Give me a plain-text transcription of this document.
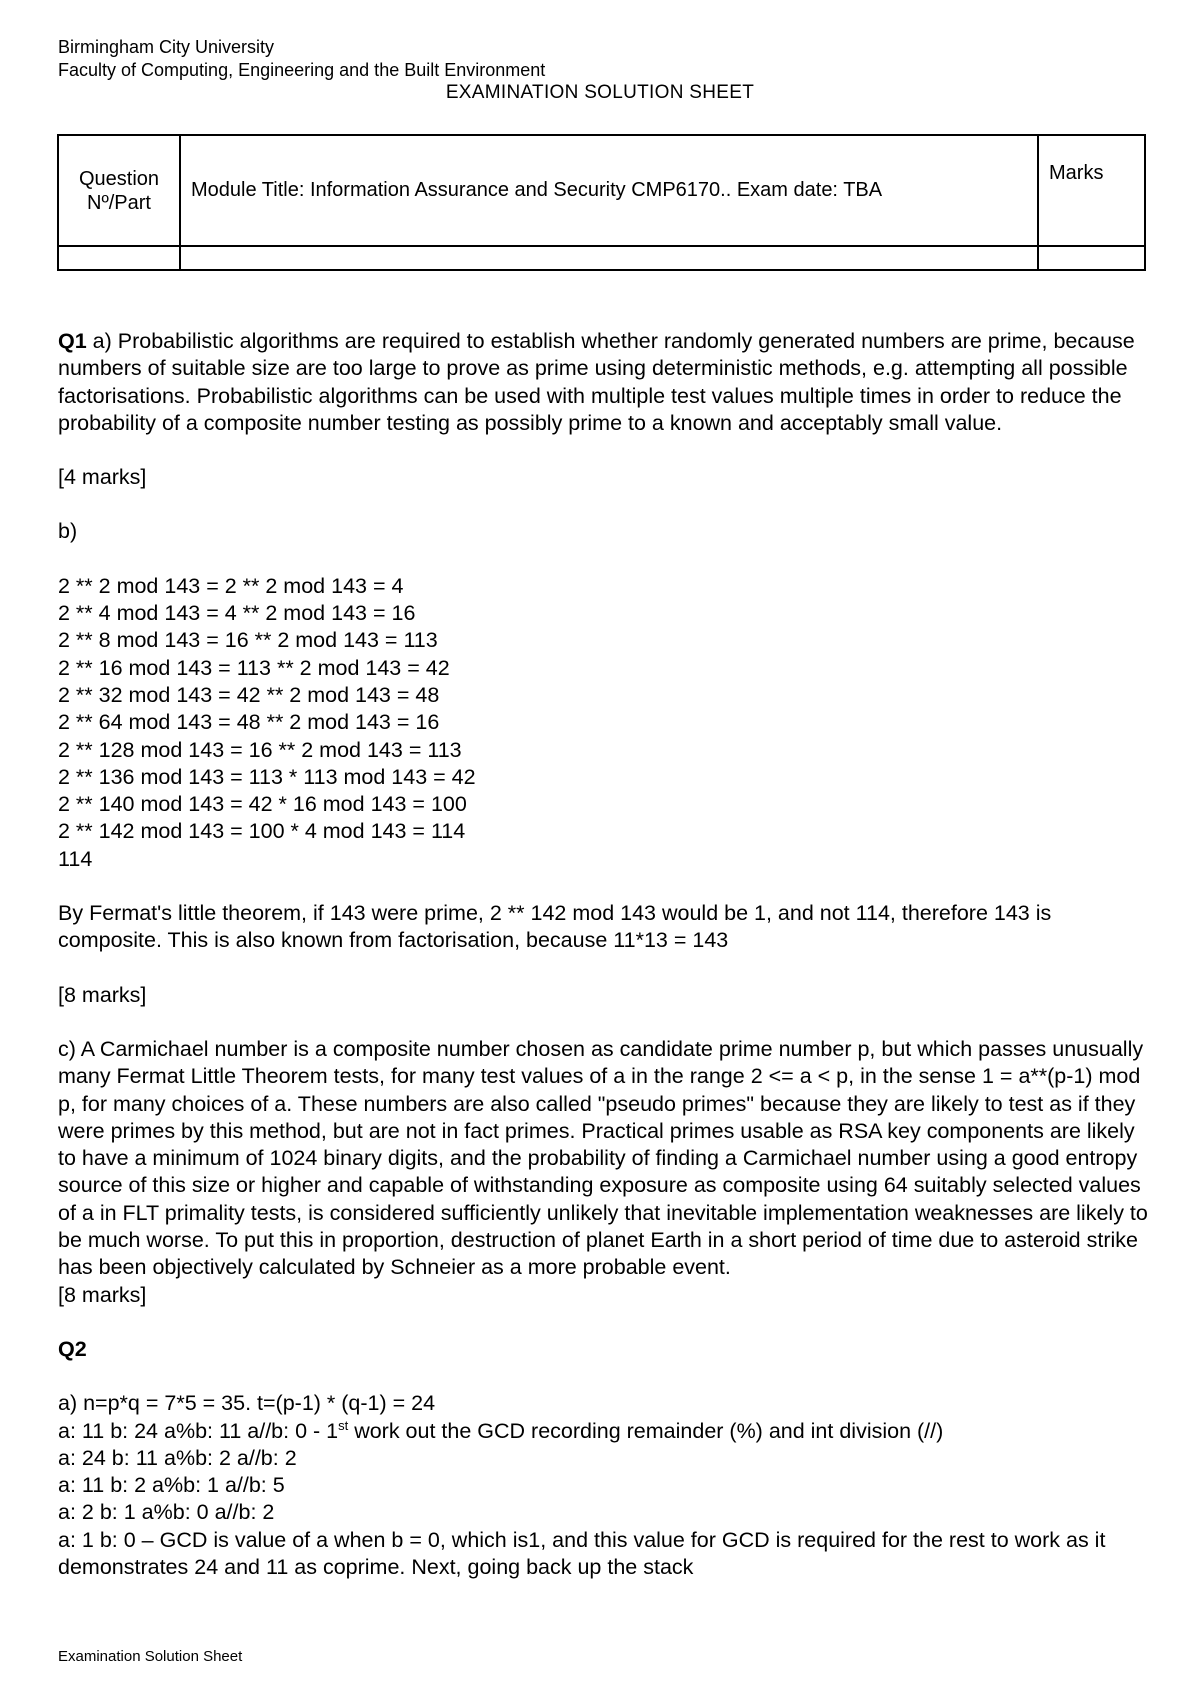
Birmingham City University
Faculty of Computing, Engineering and the Built Environment
EXAMINATION SOLUTION SHEET
Question
Nº/Part	Module Title: Information Assurance and Security CMP6170.. Exam date: TBA	Marks

Q1 a) Probabilistic algorithms are required to establish whether randomly generated numbers are prime, because numbers of suitable size are too large to prove as prime using deterministic methods, e.g. attempting all possible factorisations. Probabilistic algorithms can be used with multiple test values multiple times in order to reduce the probability of a composite number testing as possibly prime to a known and acceptably small value.

[4 marks]

b)

2 ** 2 mod 143 = 2 ** 2 mod 143 = 4

2 ** 4 mod 143 = 4 ** 2 mod 143 = 16

2 ** 8 mod 143 = 16 ** 2 mod 143 = 113

2 ** 16 mod 143 = 113 ** 2 mod 143 = 42

2 ** 32 mod 143 = 42 ** 2 mod 143 = 48

2 ** 64 mod 143 = 48 ** 2 mod 143 = 16

2 ** 128 mod 143 = 16 ** 2 mod 143 = 113

2 ** 136 mod 143 = 113 * 113 mod 143 = 42

2 ** 140 mod 143 = 42 * 16 mod 143 = 100

2 ** 142 mod 143 = 100 * 4 mod 143 = 114

114

By Fermat's little theorem, if 143 were prime, 2 ** 142 mod 143 would be 1, and not 114, therefore 143 is composite. This is also known from factorisation, because 11*13 = 143

[8 marks]

c) A Carmichael number is a composite number chosen as candidate prime number p, but which passes unusually many Fermat Little Theorem tests, for many test values of a in the range 2 <= a < p, in the sense 1 = a**(p-1) mod p, for many choices of a. These numbers are also called "pseudo primes" because they are likely to test as if they were primes by this method, but are not in fact primes. Practical primes usable as RSA key components are likely to have a minimum of 1024 binary digits, and the probability of finding a Carmichael number using a good entropy source of this size or higher and capable of withstanding exposure as composite using 64 suitably selected values of a in FLT primality tests, is considered sufficiently unlikely that inevitable implementation weaknesses are likely to be much worse. To put this in proportion, destruction of planet Earth in a short period of time due to asteroid strike has been objectively calculated by Schneier as a more probable event.

[8 marks]

Q2

a) n=p*q = 7*5 = 35. t=(p-1) * (q-1) = 24

a: 11 b: 24 a%b: 11 a//b: 0 - 1st work out the GCD recording remainder (%) and int division (//)

a: 24 b: 11 a%b: 2 a//b: 2

a: 11 b: 2 a%b: 1 a//b: 5

a: 2 b: 1 a%b: 0 a//b: 2

a: 1 b: 0 – GCD is value of a when b = 0, which is1, and this value for GCD is required for the rest to work as it demonstrates 24 and 11 as coprime. Next, going back up the stack

Examination Solution Sheet
